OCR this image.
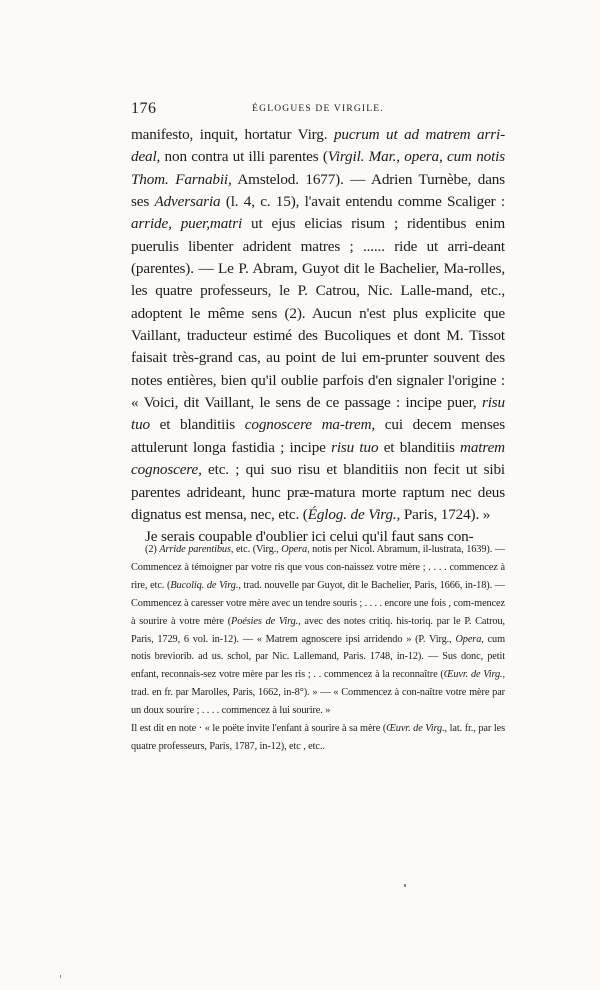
176	ÉGLOGUES DE VIRGILE.

manifesto, inquit, hortatur Virg. pucrum ut ad matrem arri-deal, non contra ut illi parentes (Virgil. Mar., opera, cum notis Thom. Farnabii, Amstelod. 1677). — Adrien Turnèbe, dans ses Adversaria (l. 4, c. 15), l'avait entendu comme Scaliger : arride, puer,matri ut ejus elicias risum ; ridentibus enim puerulis libenter adrident matres ; ...... ride ut arri-deant (parentes). — Le P. Abram, Guyot dit le Bachelier, Ma-rolles, les quatre professeurs, le P. Catrou, Nic. Lalle-mand, etc., adoptent le même sens (2). Aucun n'est plus explicite que Vaillant, traducteur estimé des Bucoliques et dont M. Tissot faisait très-grand cas, au point de lui em-prunter souvent des notes entières, bien qu'il oublie parfois d'en signaler l'origine : « Voici, dit Vaillant, le sens de ce passage : incipe puer, risu tuo et blanditiis cognoscere ma-trem, cui decem menses attulerunt longa fastidia ; incipe risu tuo et blanditiis matrem cognoscere, etc. ; qui suo risu et blanditiis non fecit ut sibi parentes adrideant, hunc præ-matura morte raptum nec deus dignatus est mensa, nec, etc. (Églog. de Virg., Paris, 1724). »

Je serais coupable d'oublier ici celui qu'il faut sans con-

(2) Arride parentibus, etc. (Virg., Opera, notis per Nicol. Abramum, il-lustrata, 1639). — Commencez à témoigner par votre ris que vous con-naissez votre mère ; . . . . commencez à rire, etc. (Bucoliq. de Virg., trad. nouvelle par Guyot, dit le Bachelier, Paris, 1666, in-18). — Commencez à caresser votre mère avec un tendre souris ; . . . . encore une fois , com-mencez à sourire à votre mère (Poésies de Virg., avec des notes critiq. his-toriq. par le P. Catrou, Paris, 1729, 6 vol. in-12). — « Matrem agnoscere ipsi arridendo » (P. Virg., Opera, cum notis breviorib. ad us. schol, par Nic. Lallemand, Paris. 1748, in-12). — Sus donc, petit enfant, reconnais-sez votre mère par les ris ; . . commencez à la reconnaître (Œuvr. de Virg., trad. en fr. par Marolles, Paris, 1662, in-8°). » — « Commencez à con-naître votre mère par un doux sourire ; . . . . commencez à lui sourire. »

Il est dit en note · « le poëte invite l'enfant à sourire à sa mère (Œuvr. de Virg., lat. fr., par les quatre professeurs, Paris, 1787, in-12), etc , etc..
